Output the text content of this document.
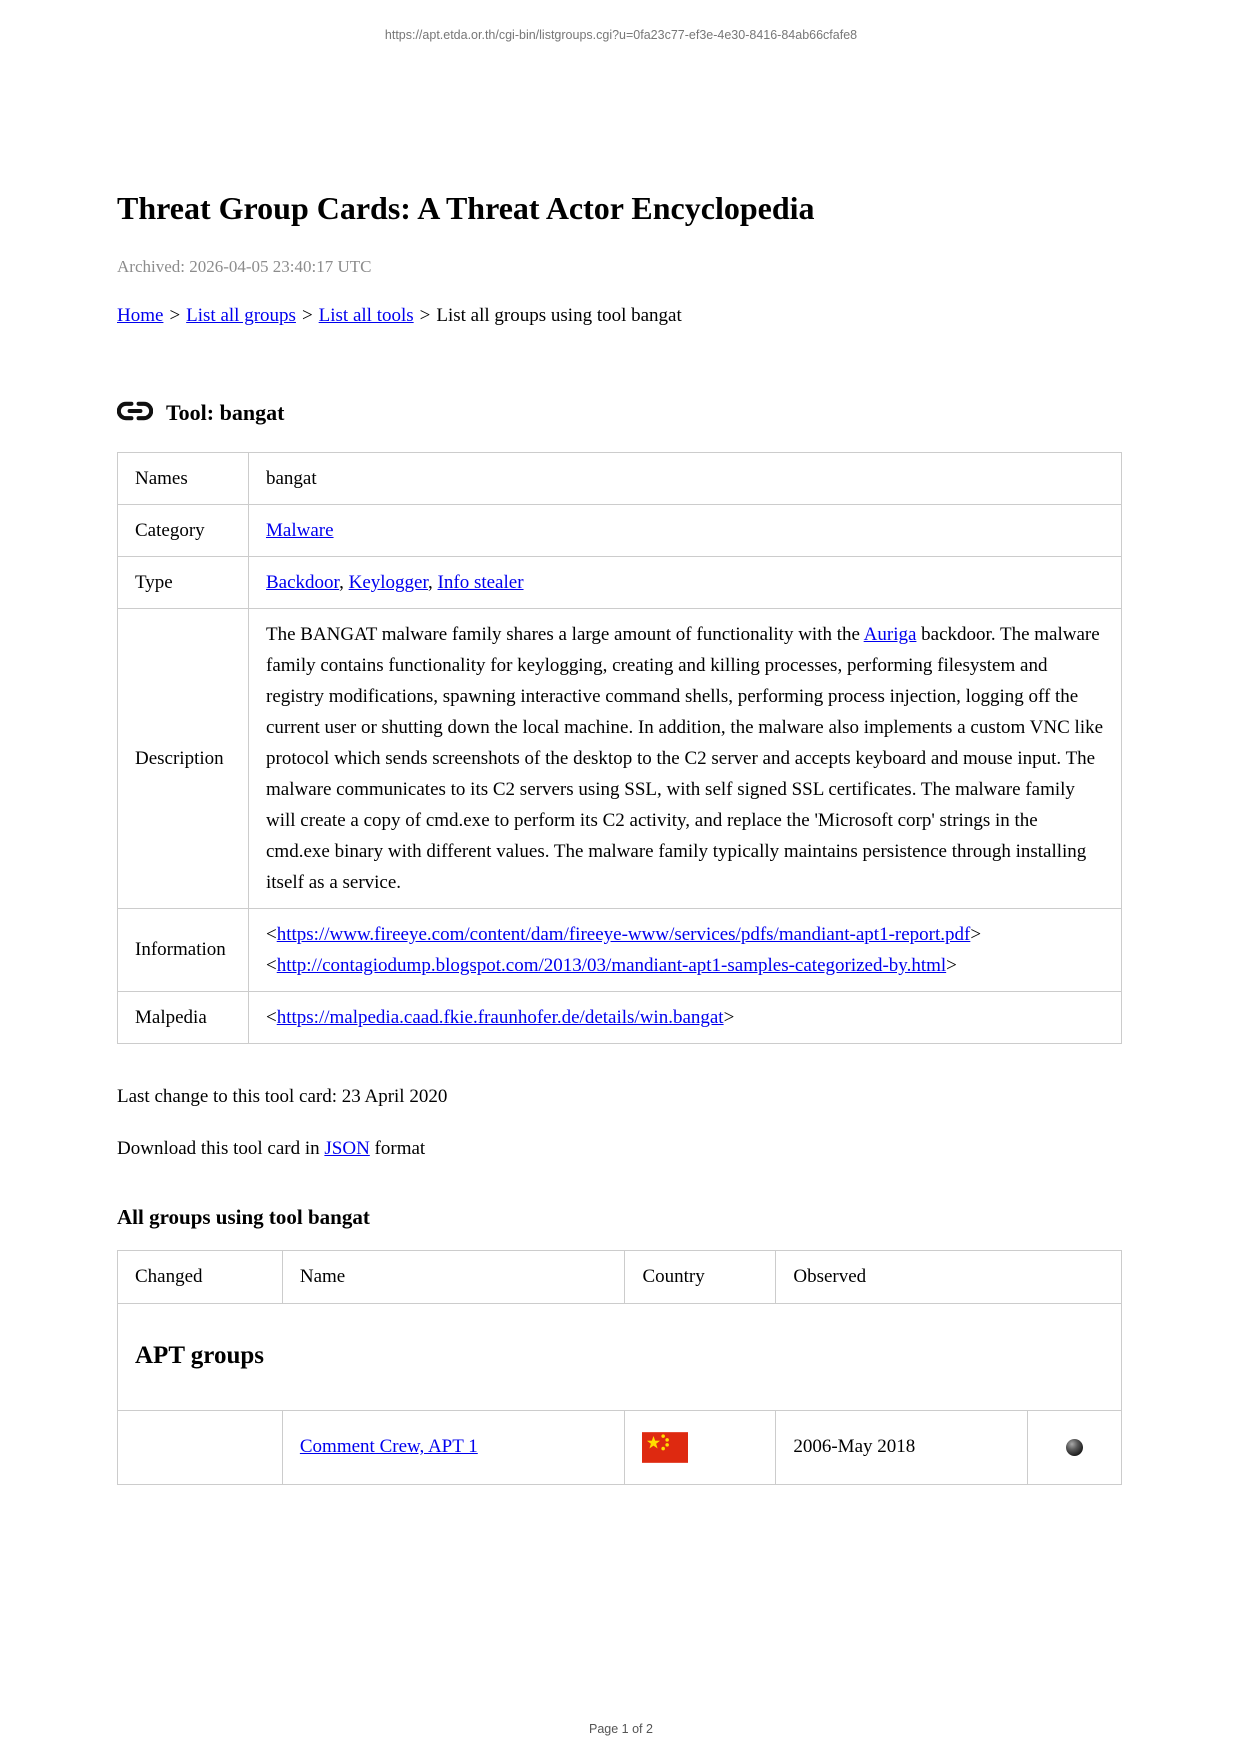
https://apt.etda.or.th/cgi-bin/listgroups.cgi?u=0fa23c77-ef3e-4e30-8416-84ab66cfafe8
Threat Group Cards: A Threat Actor Encyclopedia
Archived: 2026-04-05 23:40:17 UTC
Home > List all groups > List all tools > List all groups using tool bangat
Tool: bangat
Names	bangat
Category	Malware
Type	Backdoor, Keylogger, Info stealer
Description	The BANGAT malware family shares a large amount of functionality with the Auriga backdoor. The malware family contains functionality for keylogging, creating and killing processes, performing filesystem and registry modifications, spawning interactive command shells, performing process injection, logging off the current user or shutting down the local machine. In addition, the malware also implements a custom VNC like protocol which sends screenshots of the desktop to the C2 server and accepts keyboard and mouse input. The malware communicates to its C2 servers using SSL, with self signed SSL certificates. The malware family will create a copy of cmd.exe to perform its C2 activity, and replace the 'Microsoft corp' strings in the cmd.exe binary with different values. The malware family typically maintains persistence through installing itself as a service.
Information	<https://www.fireeye.com/content/dam/fireeye-www/services/pdfs/mandiant-apt1-report.pdf>
<http://contagiodump.blogspot.com/2013/03/mandiant-apt1-samples-categorized-by.html>

Malpedia	<https://malpedia.caad.fkie.fraunhofer.de/details/win.bangat>

Last change to this tool card: 23 April 2020

Download this tool card in JSON format

All groups using tool bangat
Changed	Name	Country	Observed	
APT groups				
	Comment Crew, APT 1		2006-May 2018	
Page 1 of 2
